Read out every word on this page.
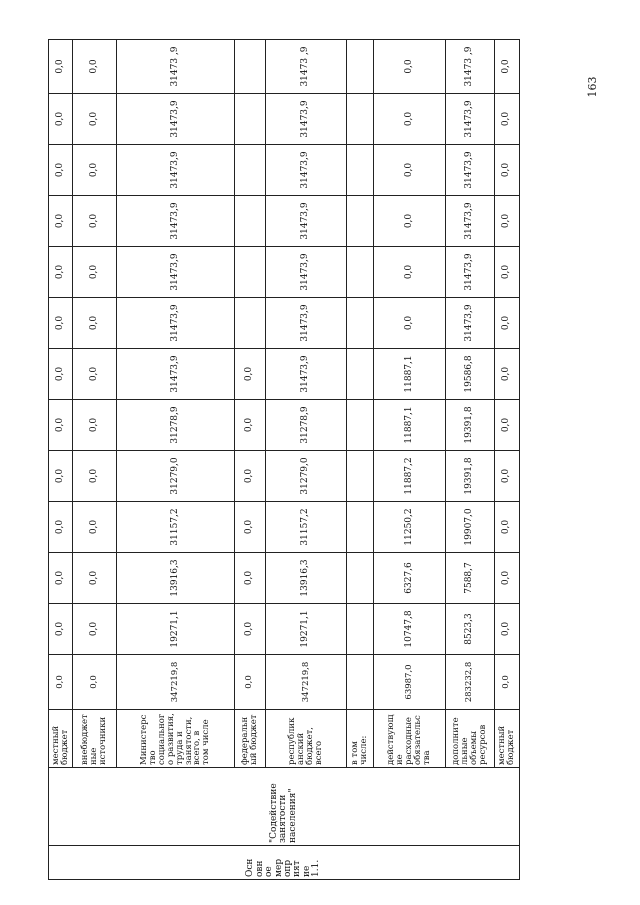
163
Осн овн ое мер опр ият ие 1.1.	"Содействие занятости населения"	местный бюджет	0,0	0,0	0,0	0,0	0,0	0,0	0,0	0,0	0,0	0,0	0,0	0,0	0,0
		внебюджет ные источники	0,0	0,0	0,0	0,0	0,0	0,0	0,0	0,0	0,0	0,0	0,0	0,0	0,0
		Министерс тво социальног о развития, труда и занятости, всего, в том числе	347219,8	19271,1	13916,3	31157,2	31279,0	31278,9	31473,9	31473,9	31473,9	31473,9	31473,9	31473,9	31473 ,9
		федеральн ый бюджет	0,0	0,0	0,0	0,0	0,0	0,0	0,0						
		республик анский бюджет, всего	347219,8	19271,1	13916,3	31157,2	31279,0	31278,9	31473,9	31473,9	31473,9	31473,9	31473,9	31473,9	31473 ,9
		в том числе:													
		действующ ие расходные обязательс тва	63987,0	10747,8	6327,6	11250,2	11887,2	11887,1	11887,1	0,0	0,0	0,0	0,0	0,0	0,0
		дополните льные объемы ресурсов	283232,8	8523,3	7588,7	19907,0	19391,8	19391,8	19586,8	31473,9	31473,9	31473,9	31473,9	31473,9	31473 ,9
		местный бюджет	0,0	0,0	0,0	0,0	0,0	0,0	0,0	0,0	0,0	0,0	0,0	0,0	0,0
